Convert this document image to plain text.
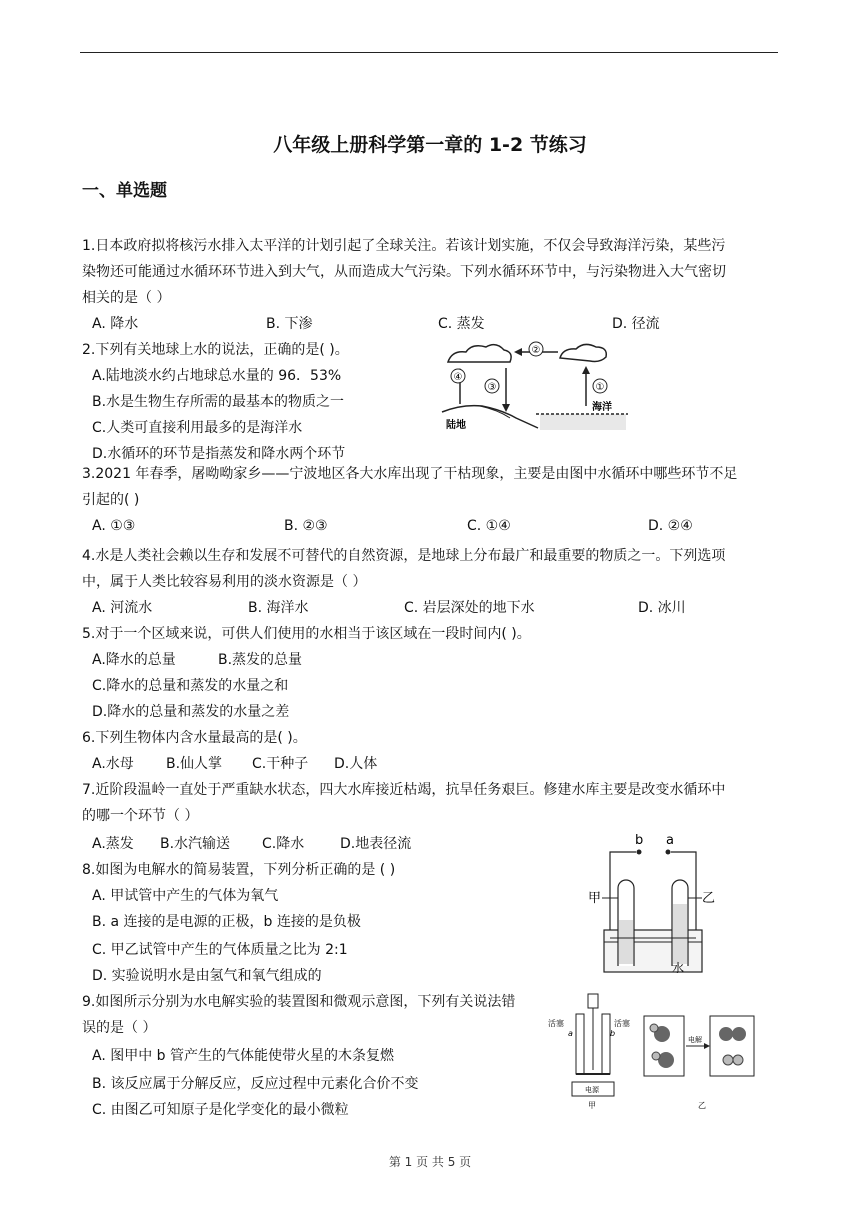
八年级上册科学第一章的 1-2 节练习
一、单选题
1.日本政府拟将核污水排入太平洋的计划引起了全球关注。若该计划实施，不仅会导致海洋污染，某些污
染物还可能通过水循环环节进入到大气，从而造成大气污染。下列水循环环节中，与污染物进入大气密切
相关的是（ ）
A. 降水	B. 下渗	C. 蒸发	D. 径流
2.下列有关地球上水的说法，正确的是( )。
A.陆地淡水约占地球总水量的 96．53%
B.水是生物生存所需的最基本的物质之一
C.人类可直接利用最多的是海洋水
D.水循环的环节是指蒸发和降水两个环节
②
④
③	①
陆地
海洋
3.2021 年春季，屠呦呦家乡——宁波地区各大水库出现了干枯现象，主要是由图中水循环中哪些环节不足
引起的( )
A. ①③	B. ②③	C. ①④	D. ②④
4.水是人类社会赖以生存和发展不可替代的自然资源，是地球上分布最广和最重要的物质之一。下列选项
中，属于人类比较容易利用的淡水资源是（ ）
A. 河流水	B. 海洋水	C. 岩层深处的地下水	D. 冰川
5.对于一个区域来说，可供人们使用的水相当于该区域在一段时间内( )。
A.降水的总量	B.蒸发的总量
C.降水的总量和蒸发的水量之和
D.降水的总量和蒸发的水量之差
6.下列生物体内含水量最高的是( )。
A.水母 B.仙人掌 C.干种子 D.人体
7.近阶段温岭一直处于严重缺水状态，四大水库接近枯竭，抗旱任务艰巨。修建水库主要是改变水循环中
的哪一个环节（ ）
A.蒸发 B.水汽输送 C.降水	D.地表径流
8.如图为电解水的简易装置，下列分析正确的是 ( )
A. 甲试管中产生的气体为氧气
B. a 连接的是电源的正极，b 连接的是负极
C. 甲乙试管中产生的气体质量之比为 2:1
D. 实验说明水是由氢气和氧气组成的
b a
甲	乙
水
9.如图所示分别为水电解实验的装置图和微观示意图，下列有关说法错
误的是（ ）
A. 图甲中 b 管产生的气体能使带火星的木条复燃
B. 该反应属于分解反应，反应过程中元素化合价不变
C. 由图乙可知原子是化学变化的最小微粒
活塞	活塞
a	b
电源
甲
电解
乙
第 1 页 共 5 页
